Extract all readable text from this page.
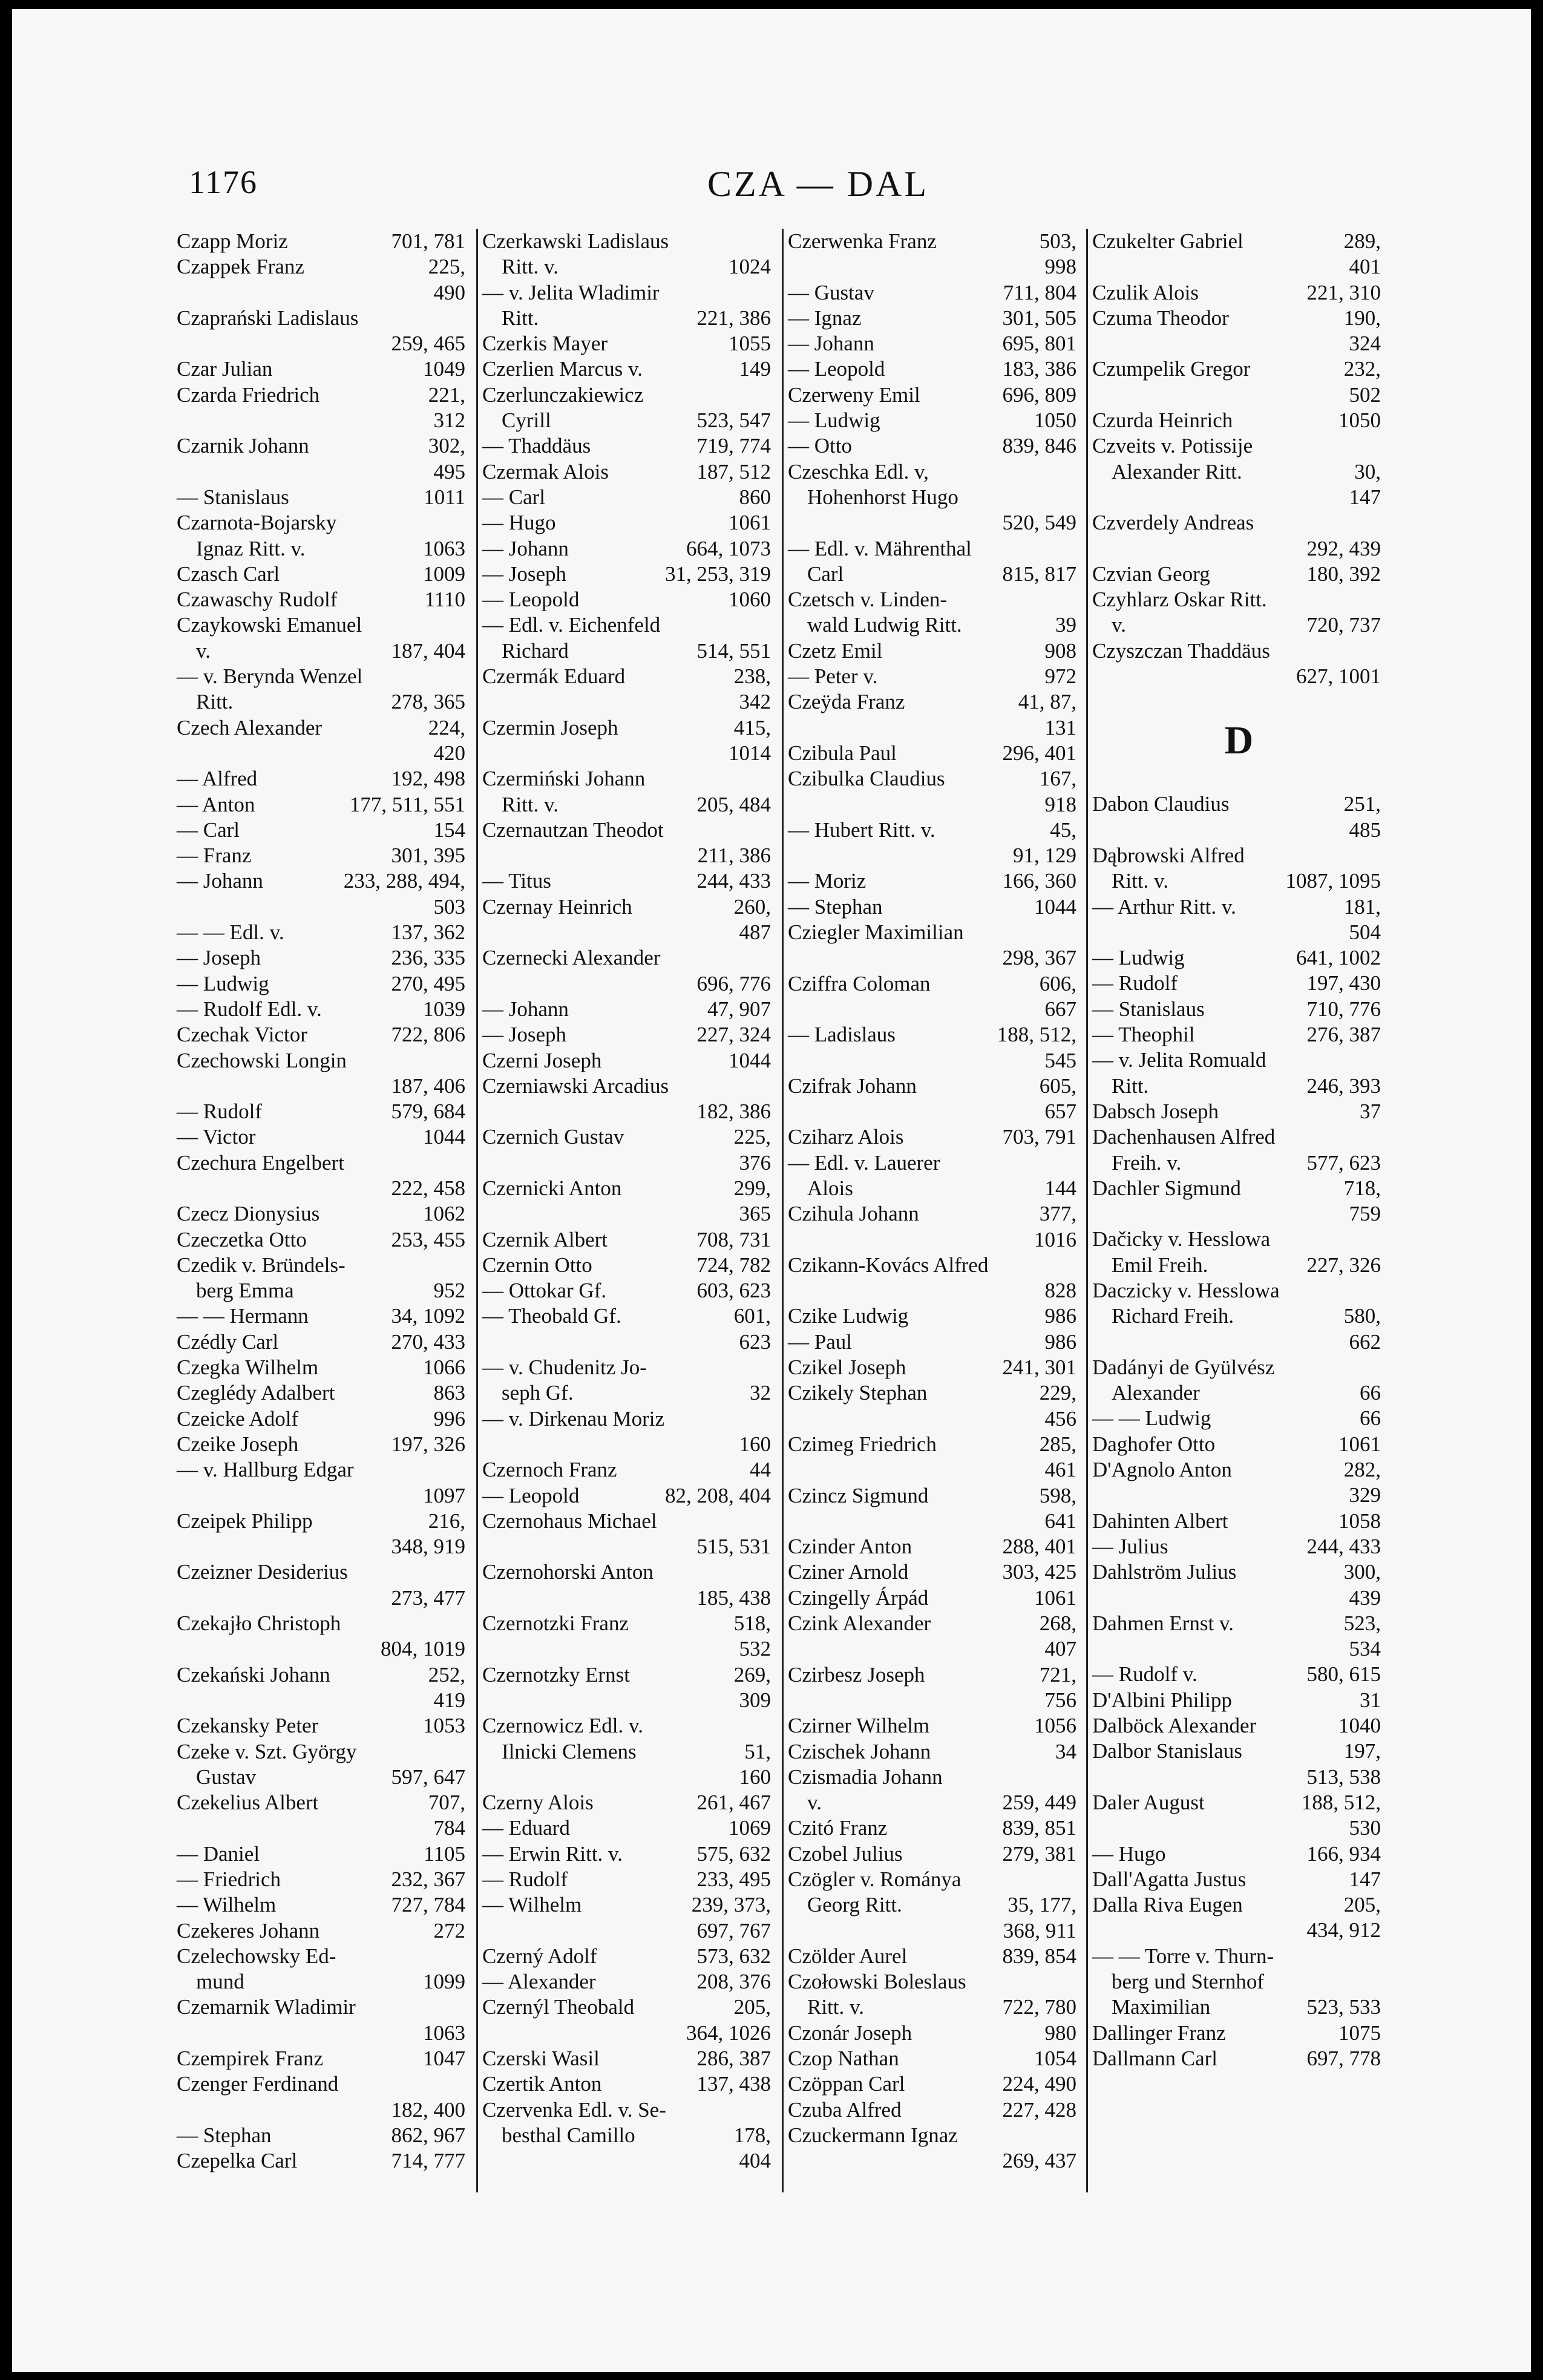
1176	CZA — DAL
Czapp Moriz	701, 781
Czappek Franz	225,
490
Czaprański Ladislaus
259, 465
Czar Julian	1049
Czarda Friedrich	221,
312
Czarnik Johann	302,
495
— Stanislaus	1011
Czarnota-Bojarsky
Ignaz Ritt. v.	1063
Czasch Carl	1009
Czawaschy Rudolf	1110
Czaykowski Emanuel
v.	187, 404
— v. Berynda Wenzel
Ritt.	278, 365
Czech Alexander	224,
420
— Alfred	192, 498
— Anton	177, 511, 551
— Carl	154
— Franz	301, 395
— Johann	233, 288, 494,
503
— — Edl. v.	137, 362
— Joseph	236, 335
— Ludwig	270, 495
— Rudolf Edl. v.	1039
Czechak Victor	722, 806
Czechowski Longin
187, 406
— Rudolf	579, 684
— Victor	1044
Czechura Engelbert
222, 458
Czecz Dionysius	1062
Czeczetka Otto	253, 455
Czedik v. Bründels-
berg Emma	952
— — Hermann	34, 1092
Czédly Carl	270, 433
Czegka Wilhelm	1066
Czeglédy Adalbert	863
Czeicke Adolf	996
Czeike Joseph	197, 326
— v. Hallburg Edgar
1097
Czeipek Philipp	216,
348, 919
Czeizner Desiderius
273, 477
Czekajło Christoph
804, 1019
Czekański Johann	252,
419
Czekansky Peter	1053
Czeke v. Szt. György
Gustav	597, 647
Czekelius Albert	707,
784
— Daniel	1105
— Friedrich	232, 367
— Wilhelm	727, 784
Czekeres Johann	272
Czelechowsky Ed-
mund	1099
Czemarnik Wladimir
1063
Czempirek Franz	1047
Czenger Ferdinand
182, 400
— Stephan	862, 967
Czepelka Carl	714, 777
Czerkawski Ladislaus
Ritt. v.	1024
— v. Jelita Wladimir
Ritt.	221, 386
Czerkis Mayer	1055
Czerlien Marcus v.	149
Czerlunczakiewicz
Cyrill	523, 547
— Thaddäus	719, 774
Czermak Alois	187, 512
— Carl	860
— Hugo	1061
— Johann	664, 1073
— Joseph	31, 253, 319
— Leopold	1060
— Edl. v. Eichenfeld
Richard	514, 551
Czermák Eduard	238,
342
Czermin Joseph	415,
1014
Czermiński Johann
Ritt. v.	205, 484
Czernautzan Theodot
211, 386
— Titus	244, 433
Czernay Heinrich	260,
487
Czernecki Alexander
696, 776
— Johann	47, 907
— Joseph	227, 324
Czerni Joseph	1044
Czerniawski Arcadius
182, 386
Czernich Gustav	225,
376
Czernicki Anton	299,
365
Czernik Albert	708, 731
Czernin Otto	724, 782
— Ottokar Gf.	603, 623
— Theobald Gf.	601,
623
— v. Chudenitz Jo-
seph Gf.	32
— v. Dirkenau Moriz
160
Czernoch Franz	44
— Leopold	82, 208, 404
Czernohaus Michael
515, 531
Czernohorski Anton
185, 438
Czernotzki Franz	518,
532
Czernotzky Ernst	269,
309
Czernowicz Edl. v.
Ilnicki Clemens	51,
160
Czerny Alois	261, 467
— Eduard	1069
— Erwin Ritt. v.	575, 632
— Rudolf	233, 495
— Wilhelm	239, 373,
697, 767
Czerný Adolf	573, 632
— Alexander	208, 376
Czernýl Theobald	205,
364, 1026
Czerski Wasil	286, 387
Czertik Anton	137, 438
Czervenka Edl. v. Se-
besthal Camillo	178,
404
Czerwenka Franz	503,
998
— Gustav	711, 804
— Ignaz	301, 505
— Johann	695, 801
— Leopold	183, 386
Czerweny Emil	696, 809
— Ludwig	1050
— Otto	839, 846
Czeschka Edl. v,
Hohenhorst Hugo
520, 549
— Edl. v. Mährenthal
Carl	815, 817
Czetsch v. Linden-
wald Ludwig Ritt.	39
Czetz Emil	908
— Peter v.	972
Czeÿda Franz	41, 87,
131
Czibula Paul	296, 401
Czibulka Claudius	167,
918
— Hubert Ritt. v.	45,
91, 129
— Moriz	166, 360
— Stephan	1044
Cziegler Maximilian
298, 367
Cziffra Coloman	606,
667
— Ladislaus	188, 512,
545
Czifrak Johann	605,
657
Cziharz Alois	703, 791
— Edl. v. Lauerer
Alois	144
Czihula Johann	377,
1016
Czikann-Kovács Alfred
828
Czike Ludwig	986
— Paul	986
Czikel Joseph	241, 301
Czikely Stephan	229,
456
Czimeg Friedrich	285,
461
Czincz Sigmund	598,
641
Czinder Anton	288, 401
Cziner Arnold	303, 425
Czingelly Árpád	1061
Czink Alexander	268,
407
Czirbesz Joseph	721,
756
Czirner Wilhelm	1056
Czischek Johann	34
Czismadia Johann
v.	259, 449
Czitó Franz	839, 851
Czobel Julius	279, 381
Czögler v. Románya
Georg Ritt.	35, 177,
368, 911
Czölder Aurel	839, 854
Czołowski Boleslaus
Ritt. v.	722, 780
Czonár Joseph	980
Czop Nathan	1054
Czöppan Carl	224, 490
Czuba Alfred	227, 428
Czuckermann Ignaz
269, 437
Czukelter Gabriel	289,
401
Czulik Alois	221, 310
Czuma Theodor	190,
324
Czumpelik Gregor	232,
502
Czurda Heinrich	1050
Czveits v. Potissije
Alexander Ritt.	30,
147
Czverdely Andreas
292, 439
Czvian Georg	180, 392
Czyhlarz Oskar Ritt.
v.	720, 737
Czyszczan Thaddäus
627, 1001
D
Dabon Claudius	251,
485
Dąbrowski Alfred
Ritt. v.	1087, 1095
— Arthur Ritt. v.	181,
504
— Ludwig	641, 1002
— Rudolf	197, 430
— Stanislaus	710, 776
— Theophil	276, 387
— v. Jelita Romuald
Ritt.	246, 393
Dabsch Joseph	37
Dachenhausen Alfred
Freih. v.	577, 623
Dachler Sigmund	718,
759
Dačicky v. Hesslowa
Emil Freih.	227, 326
Daczicky v. Hesslowa
Richard Freih.	580,
662
Dadányi de Gyülvész
Alexander	66
— — Ludwig	66
Daghofer Otto	1061
D'Agnolo Anton	282,
329
Dahinten Albert	1058
— Julius	244, 433
Dahlström Julius	300,
439
Dahmen Ernst v.	523,
534
— Rudolf v.	580, 615
D'Albini Philipp	31
Dalböck Alexander	1040
Dalbor Stanislaus	197,
513, 538
Daler August	188, 512,
530
— Hugo	166, 934
Dall'Agatta Justus	147
Dalla Riva Eugen	205,
434, 912
— — Torre v. Thurn-
berg und Sternhof
Maximilian	523, 533
Dallinger Franz	1075
Dallmann Carl	697, 778
